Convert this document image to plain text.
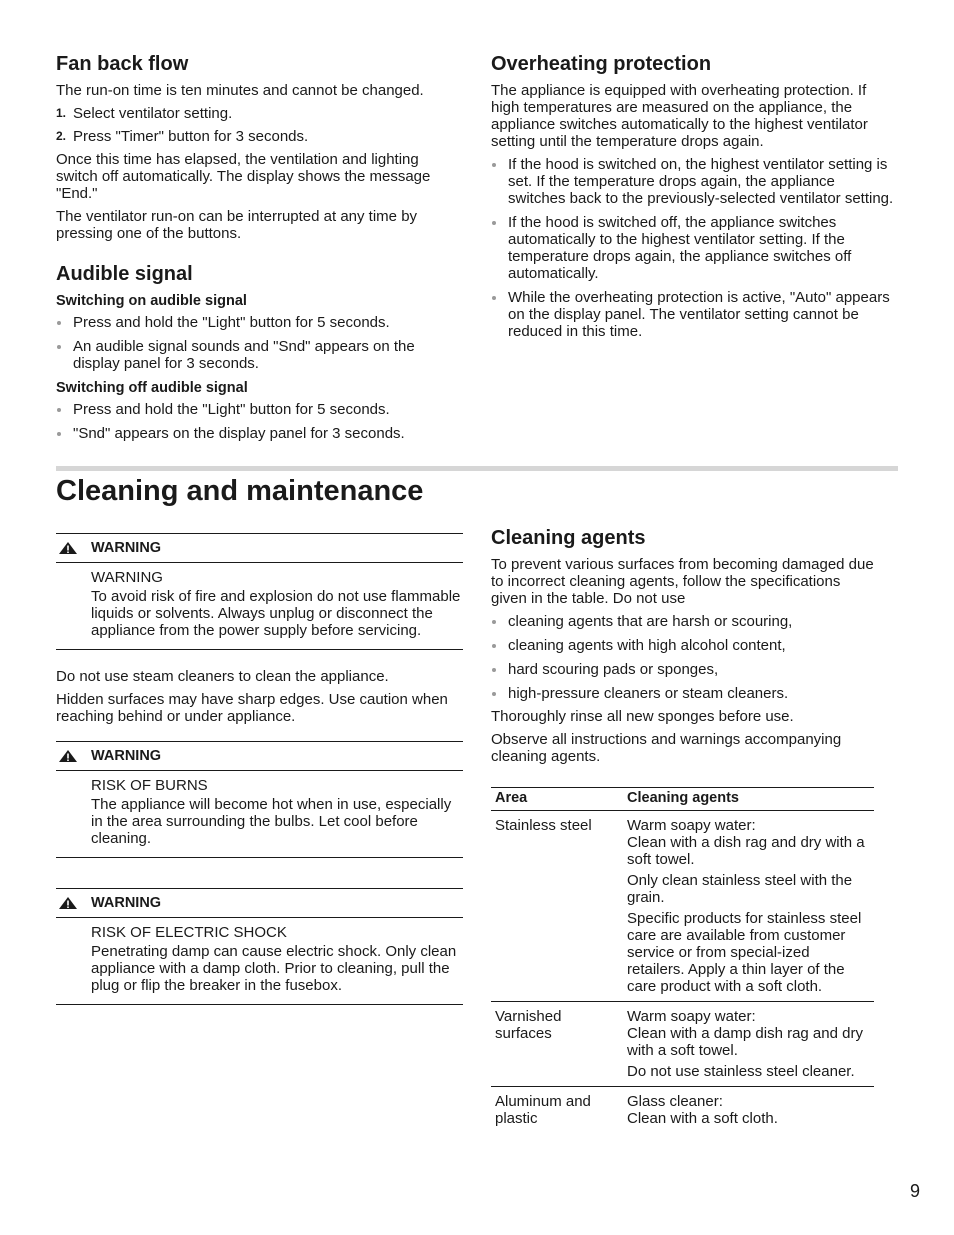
Fan back flow

The run-on time is ten minutes and cannot be changed.

1. Select ventilator setting.
2. Press "Timer" button for 3 seconds.

Once this time has elapsed, the ventilation and lighting switch off automatically. The display shows the message "End."

The ventilator run-on can be interrupted at any time by pressing one of the buttons.

Audible signal
Switching on audible signal
Press and hold the "Light" button for 5 seconds.
An audible signal sounds and "Snd" appears on the display panel for 3 seconds.
Switching off audible signal
Press and hold the "Light" button for 5 seconds.
"Snd" appears on the display panel for 3 seconds.
Overheating protection

The appliance is equipped with overheating protection. If high temperatures are measured on the appliance, the appliance switches automatically to the highest ventilator setting until the temperature drops again.

If the hood is switched on, the highest ventilator setting is set. If the temperature drops again, the appliance switches back to the previously-selected ventilator setting.
If the hood is switched off, the appliance switches automatically to the highest ventilator setting. If the temperature drops again, the appliance switches off automatically.
While the overheating protection is active, "Auto" appears on the display panel. The ventilator setting cannot be reduced in this time.
Cleaning and maintenance
WARNING

WARNING

To avoid risk of fire and explosion do not use flammable liquids or solvents. Always unplug or disconnect the appliance from the power supply before servicing.

Do not use steam cleaners to clean the appliance.

Hidden surfaces may have sharp edges. Use caution when reaching behind or under appliance.

WARNING

RISK OF BURNS

The appliance will become hot when in use, especially in the area surrounding the bulbs. Let cool before cleaning.

WARNING

RISK OF ELECTRIC SHOCK

Penetrating damp can cause electric shock. Only clean appliance with a damp cloth. Prior to cleaning, pull the plug or flip the breaker in the fusebox.

Cleaning agents

To prevent various surfaces from becoming damaged due to incorrect cleaning agents, follow the specifications given in the table. Do not use

cleaning agents that are harsh or scouring,
cleaning agents with high alcohol content,
hard scouring pads or sponges,
high-pressure cleaners or steam cleaners.

Thoroughly rinse all new sponges before use.

Observe all instructions and warnings accompanying cleaning agents.

Area	Cleaning agents
Stainless steel	Warm soapy water:
Clean with a dish rag and dry with a soft towel.

Only clean stainless steel with the grain.

Specific products for stainless steel care are available from customer service or from special-ized retailers. Apply a thin layer of the care product with a soft cloth.

Varnished surfaces	Warm soapy water:
Clean with a damp dish rag and dry with a soft towel.

Do not use stainless steel cleaner.

Aluminum and plastic	Glass cleaner:
Clean with a soft cloth.

9
